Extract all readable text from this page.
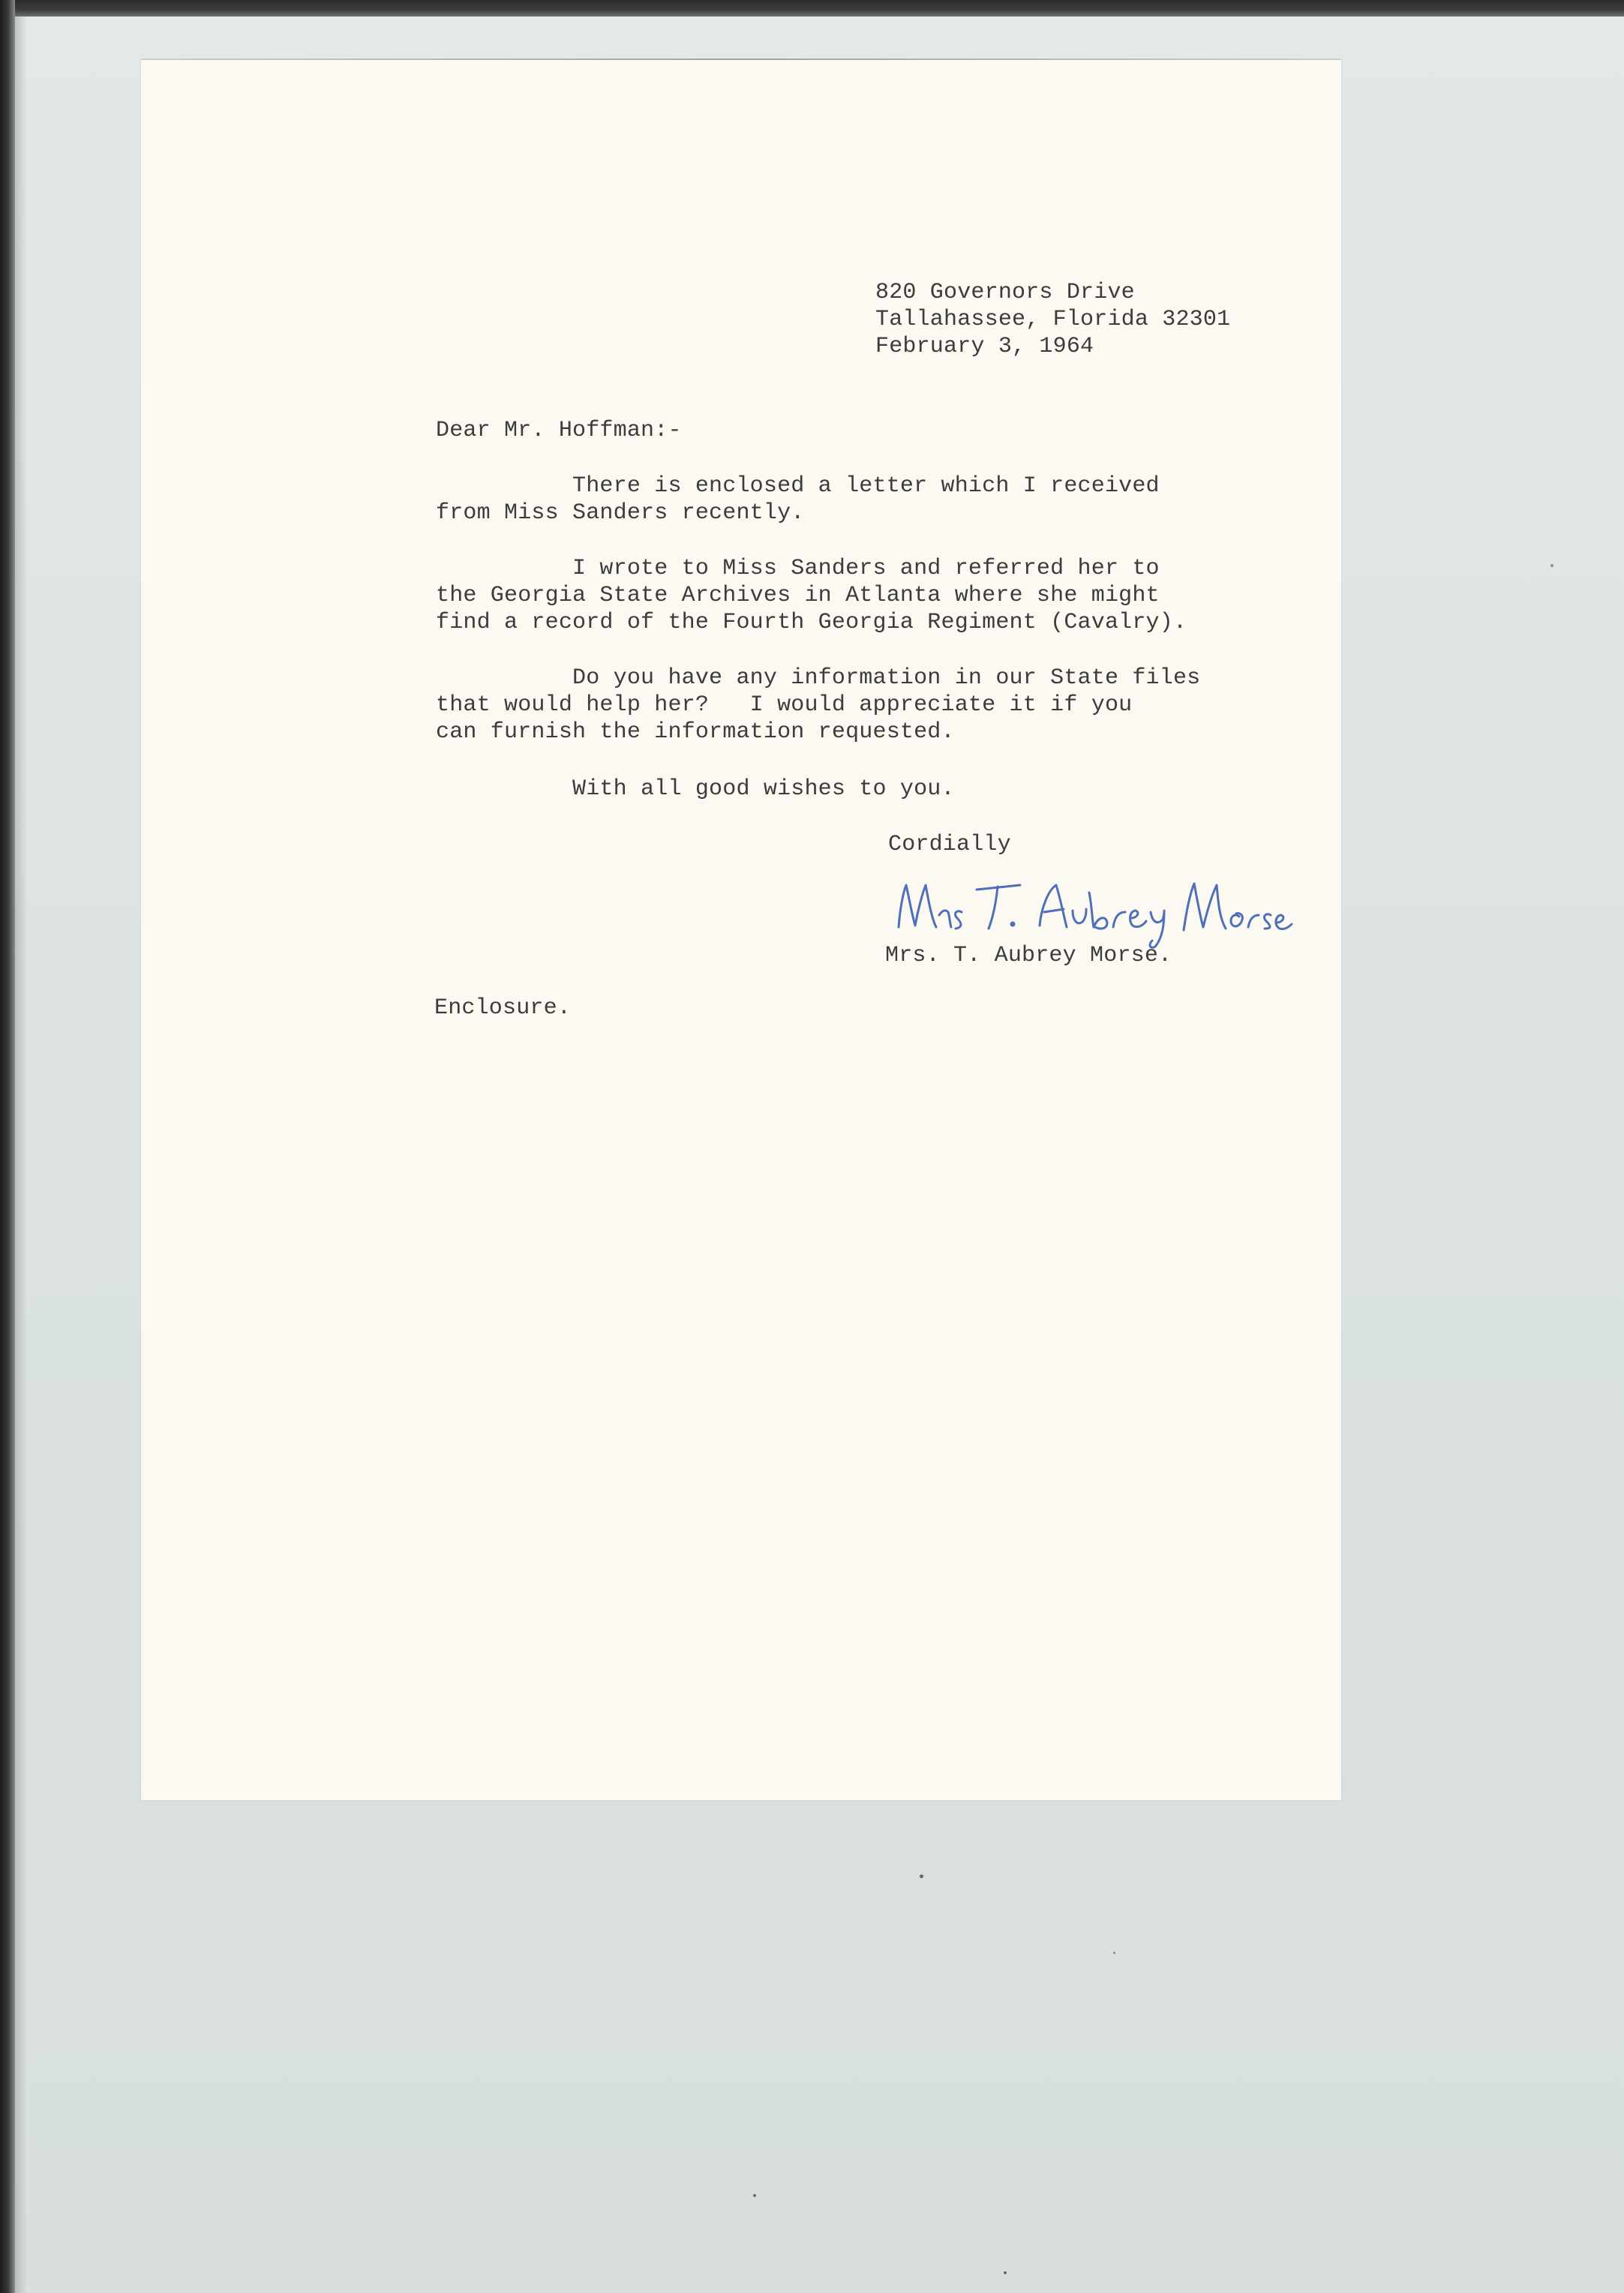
820 Governors Drive
Tallahassee, Florida 32301
February 3, 1964
Dear Mr. Hoffman:-
There is enclosed a letter which I received
from Miss Sanders recently.
I wrote to Miss Sanders and referred her to
the Georgia State Archives in Atlanta where she might
find a record of the Fourth Georgia Regiment (Cavalry).
Do you have any information in our State files
that would help her?   I would appreciate it if you
can furnish the information requested.
With all good wishes to you.
Cordially
Mrs. T. Aubrey Morse.
Enclosure.
